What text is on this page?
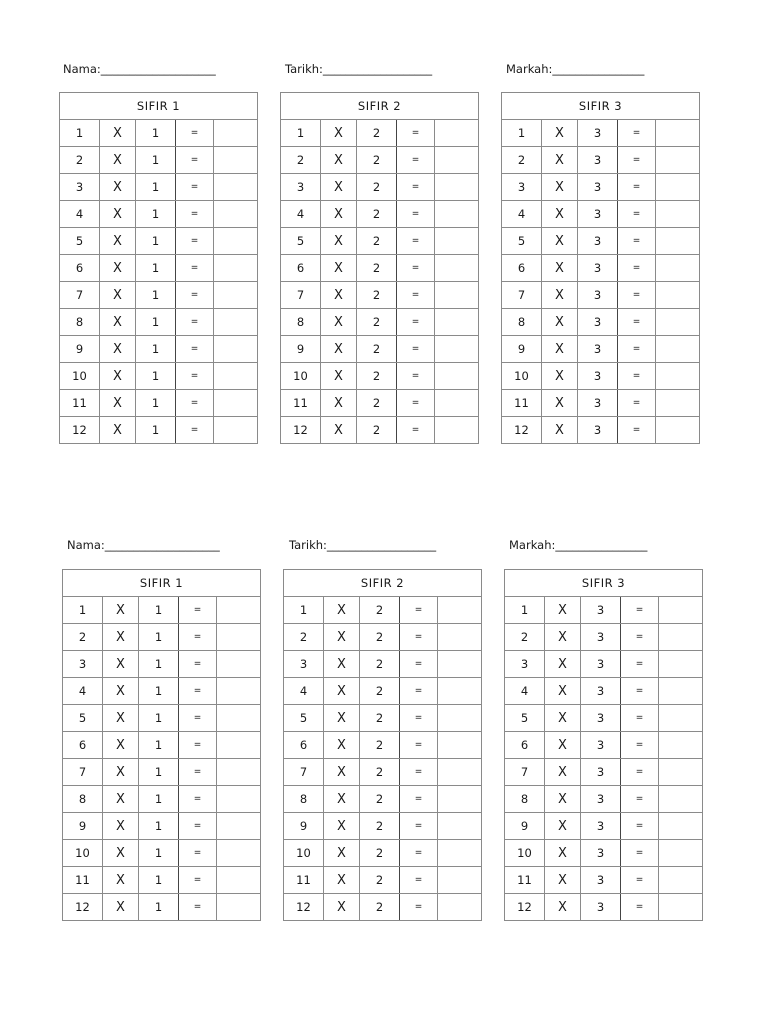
Nama:____________________	Tarikh:___________________	Markah:________________
SIFIR 1				
1	X	1	=	
2	X	1	=	
3	X	1	=	
4	X	1	=	
5	X	1	=	
6	X	1	=	
7	X	1	=	
8	X	1	=	
9	X	1	=	
10	X	1	=	
11	X	1	=	
12	X	1	=	
SIFIR 2				
1	X	2	=	
2	X	2	=	
3	X	2	=	
4	X	2	=	
5	X	2	=	
6	X	2	=	
7	X	2	=	
8	X	2	=	
9	X	2	=	
10	X	2	=	
11	X	2	=	
12	X	2	=	
SIFIR 3				
1	X	3	=	
2	X	3	=	
3	X	3	=	
4	X	3	=	
5	X	3	=	
6	X	3	=	
7	X	3	=	
8	X	3	=	
9	X	3	=	
10	X	3	=	
11	X	3	=	
12	X	3	=	
Nama:____________________	Tarikh:___________________	Markah:________________
SIFIR 1				
1	X	1	=	
2	X	1	=	
3	X	1	=	
4	X	1	=	
5	X	1	=	
6	X	1	=	
7	X	1	=	
8	X	1	=	
9	X	1	=	
10	X	1	=	
11	X	1	=	
12	X	1	=	
SIFIR 2				
1	X	2	=	
2	X	2	=	
3	X	2	=	
4	X	2	=	
5	X	2	=	
6	X	2	=	
7	X	2	=	
8	X	2	=	
9	X	2	=	
10	X	2	=	
11	X	2	=	
12	X	2	=	
SIFIR 3				
1	X	3	=	
2	X	3	=	
3	X	3	=	
4	X	3	=	
5	X	3	=	
6	X	3	=	
7	X	3	=	
8	X	3	=	
9	X	3	=	
10	X	3	=	
11	X	3	=	
12	X	3	=	
